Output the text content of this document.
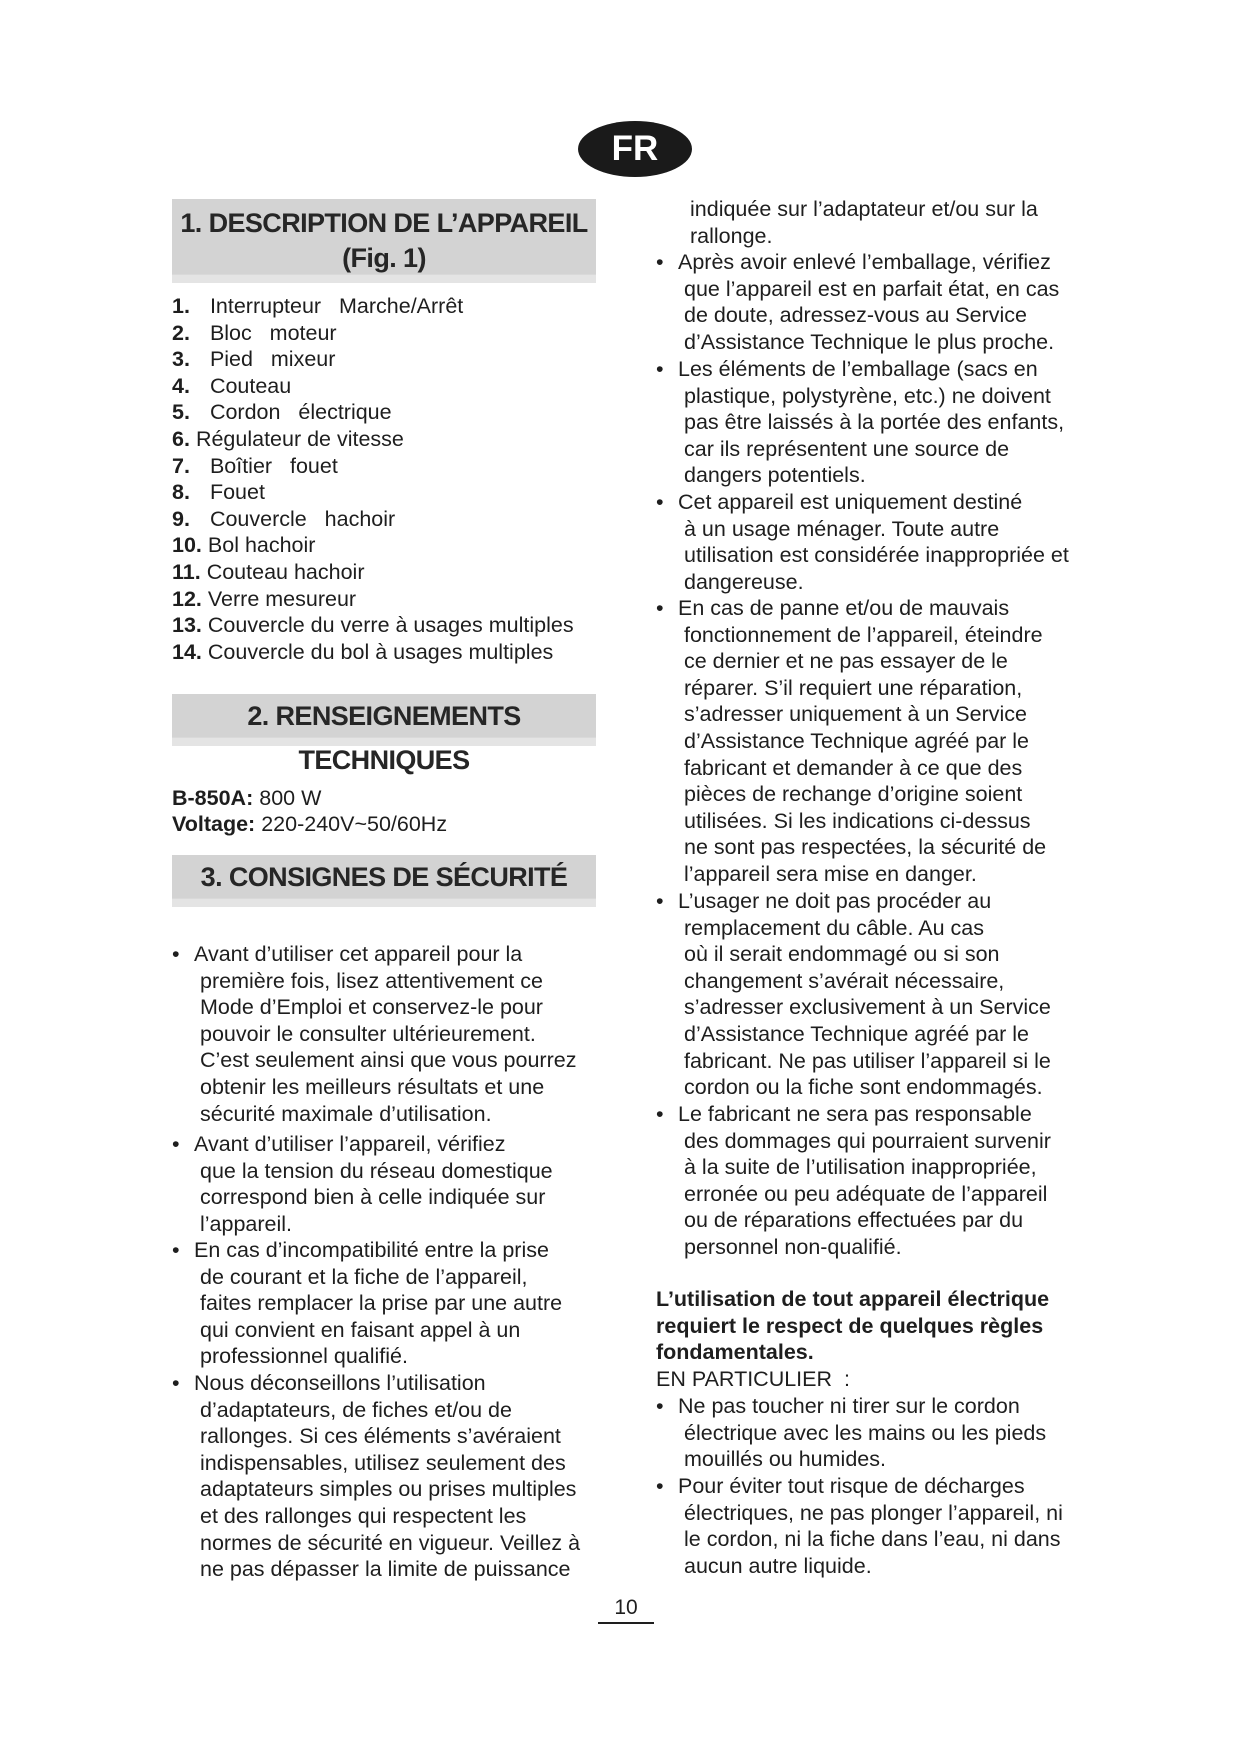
FR
1. DESCRIPTION DE L’APPAREIL
(Fig. 1)
1. Interrupteur   Marche/Arrêt
2. Bloc   moteur
3. Pied   mixeur
4. Couteau
5. Cordon   électrique
6. Régulateur de vitesse
7. Boîtier   fouet
8. Fouet
9. Couvercle   hachoir
10. Bol hachoir
11. Couteau hachoir
12. Verre mesureur
13. Couvercle du verre à usages multiples
14. Couvercle du bol à usages multiples
2. RENSEIGNEMENTS TECHNIQUES
B-850A: 800 W
Voltage: 220-240V~50/60Hz
3. CONSIGNES DE SÉCURITÉ
• Avant d’utiliser cet appareil pour la
première fois, lisez attentivement ce
Mode d’Emploi et conservez-le pour
pouvoir le consulter ultérieurement.
C’est seulement ainsi que vous pourrez
obtenir les meilleurs résultats et une
sécurité maximale d’utilisation.
• Avant d’utiliser l’appareil, vérifiez
que la tension du réseau domestique
correspond bien à celle indiquée sur
l’appareil.
• En cas d’incompatibilité entre la prise
de courant et la fiche de l’appareil,
faites remplacer la prise par une autre
qui convient en faisant appel à un
professionnel qualifié.
• Nous déconseillons l’utilisation
d’adaptateurs, de fiches et/ou de
rallonges. Si ces éléments s’avéraient
indispensables, utilisez seulement des
adaptateurs simples ou prises multiples
et des rallonges qui respectent les
normes de sécurité en vigueur. Veillez à
ne pas dépasser la limite de puissance
indiquée sur l’adaptateur et/ou sur la
rallonge.
• Après avoir enlevé l’emballage, vérifiez
que l’appareil est en parfait état, en cas
de doute, adressez-vous au Service
d’Assistance Technique le plus proche.
• Les éléments de l’emballage (sacs en
plastique, polystyrène, etc.) ne doivent
pas être laissés à la portée des enfants,
car ils représentent une source de
dangers potentiels.
• Cet appareil est uniquement destiné
à un usage ménager. Toute autre
utilisation est considérée inappropriée et
dangereuse.
• En cas de panne et/ou de mauvais
fonctionnement de l’appareil, éteindre
ce dernier et ne pas essayer de le
réparer. S’il requiert une réparation,
s’adresser uniquement à un Service
d’Assistance Technique agréé par le
fabricant et demander à ce que des
pièces de rechange d’origine soient
utilisées. Si les indications ci-dessus
ne sont pas respectées, la sécurité de
l’appareil sera mise en danger.
• L’usager ne doit pas procéder au
remplacement du câble. Au cas
où il serait endommagé ou si son
changement s’avérait nécessaire,
s’adresser exclusivement à un Service
d’Assistance Technique agréé par le
fabricant. Ne pas utiliser l’appareil si le
cordon ou la fiche sont endommagés.
• Le fabricant ne sera pas responsable
des dommages qui pourraient survenir
à la suite de l’utilisation inappropriée,
erronée ou peu adéquate de l’appareil
ou de réparations effectuées par du
personnel non-qualifié.
L’utilisation de tout appareil électrique
requiert le respect de quelques règles
fondamentales.
EN PARTICULIER  :
• Ne pas toucher ni tirer sur le cordon
électrique avec les mains ou les pieds
mouillés ou humides.
• Pour éviter tout risque de décharges
électriques, ne pas plonger l’appareil, ni
le cordon, ni la fiche dans l’eau, ni dans
aucun autre liquide.
10
